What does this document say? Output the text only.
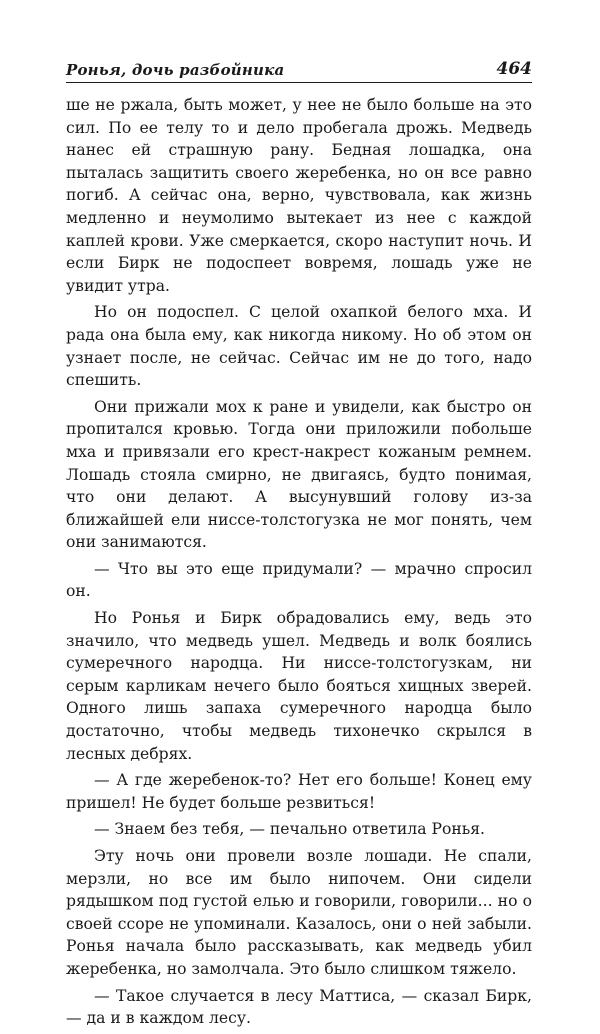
Ронья, дочь разбойника	464

ше не ржала, быть может, у нее не было больше на это сил. По ее телу то и дело пробегала дрожь. Медведь нанес ей страшную рану. Бедная лошадка, она пыталась защитить своего жеребенка, но он все равно погиб. А сейчас она, верно, чувствовала, как жизнь медленно и неумолимо вытекает из нее с каждой каплей крови. Уже смеркается, скоро наступит ночь. И если Бирк не подоспеет вовремя, лошадь уже не увидит утра.

Но он подоспел. С целой охапкой белого мха. И рада она была ему, как никогда никому. Но об этом он узнает после, не сейчас. Сейчас им не до того, надо спешить.

Они прижали мох к ране и увидели, как быстро он пропитался кровью. Тогда они приложили побольше мха и привязали его крест-накрест кожаным ремнем. Лошадь стояла смирно, не двигаясь, будто понимая, что они делают. А высунувший голову из-за ближайшей ели ниссе-толстогузка не мог понять, чем они занимаются.

— Что вы это еще придумали? — мрачно спросил он.

Но Ронья и Бирк обрадовались ему, ведь это значило, что медведь ушел. Медведь и волк боялись сумеречного народца. Ни ниссе-толстогузкам, ни серым карликам нечего было бояться хищных зверей. Одного лишь запаха сумеречного народца было достаточно, чтобы медведь тихонечко скрылся в лесных дебрях.

— А где жеребенок-то? Нет его больше! Конец ему пришел! Не будет больше резвиться!

— Знаем без тебя, — печально ответила Ронья.

Эту ночь они провели возле лошади. Не спали, мерзли, но все им было нипочем. Они сидели рядышком под густой елью и говорили, говорили... но о своей ссоре не упоминали. Казалось, они о ней забыли. Ронья начала было рассказывать, как медведь убил жеребенка, но замолчала. Это было слишком тяжело.

— Такое случается в лесу Маттиса, — сказал Бирк, — да и в каждом лесу.
